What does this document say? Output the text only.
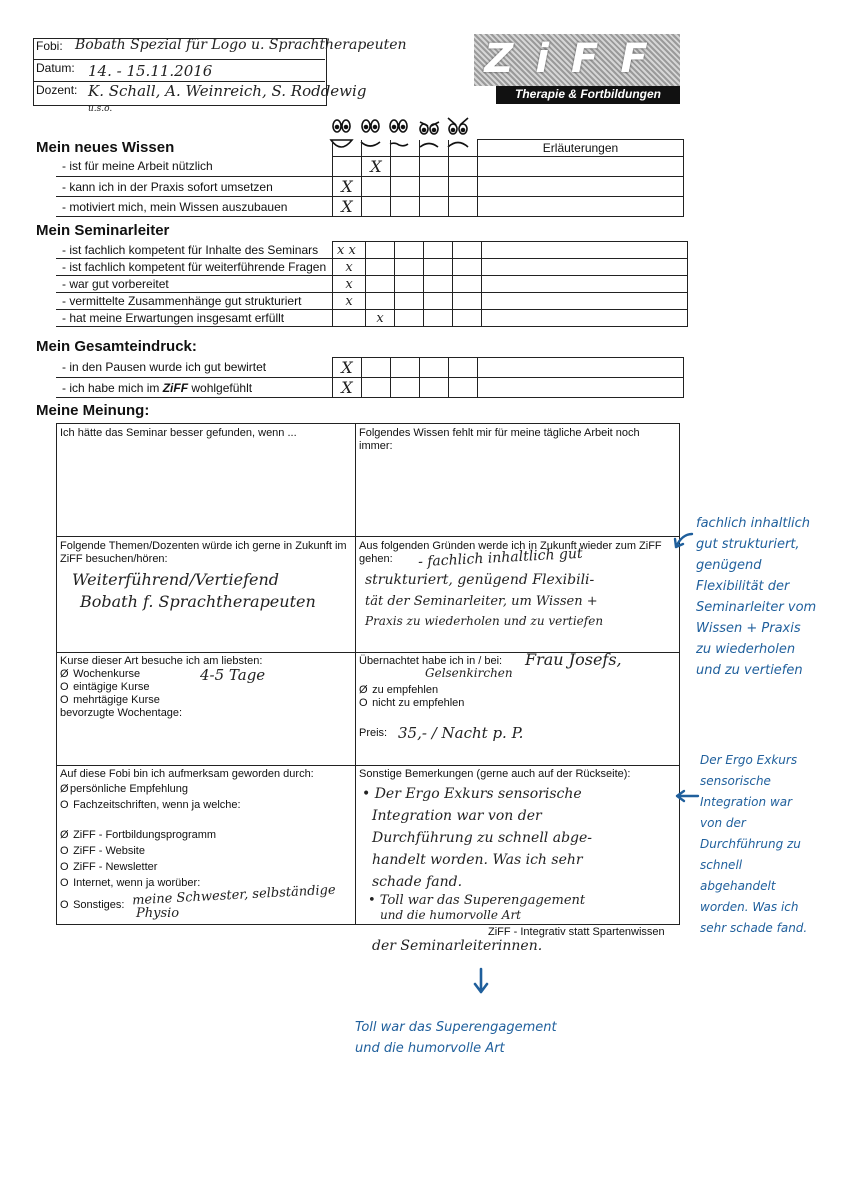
Fobi: Bobath Spezial für Logo u. Sprachtherapeuten
Datum: 14. - 15.11.2016
Dozent: K. Schall, A. Weinreich, S. Roddewig
u.s.o.
ZiFF
Therapie & Fortbildungen
Mein neues Wissen
							Erläuterungen
- ist für meine Arbeit nützlich		X				
- kann ich in der Praxis sofort umsetzen	X					
- motiviert mich, mein Wissen auszubauen	X					
Mein Seminarleiter
- ist fachlich kompetent für Inhalte des Seminars	x x					
- ist fachlich kompetent für weiterführende Fragen	x					
- war gut vorbereitet	x					
- vermittelte Zusammenhänge gut strukturiert	x					
- hat meine Erwartungen insgesamt erfüllt		x				
Mein Gesamteindruck:
- in den Pausen wurde ich gut bewirtet	X					
- ich habe mich im ZiFF wohlgefühlt	X					
Meine Meinung:
Ich hätte das Seminar besser gefunden, wenn ...	Folgendes Wissen fehlt mir für meine tägliche Arbeit noch immer:
Folgende Themen/Dozenten würde ich gerne in Zukunft im ZiFF besuchen/hören:
Weiterführend/Vertiefend
Bobath f. Sprachtherapeuten
Aus folgenden Gründen werde ich in Zukunft wieder zum ZiFF gehen:	- fachlich inhaltlich gut
strukturiert, genügend Flexibili-
tät der Seminarleiter, um Wissen +
Praxis zu wiederholen und zu vertiefen
Kurse dieser Art besuche ich am liebsten:
Ø Wochenkurse
O eintägige Kurse
O mehrtägige Kurse
bevorzugte Wochentage:
4-5 Tage
Übernachtet habe ich in / bei: Frau Josefs,
Gelsenkirchen
Ø zu empfehlen
O nicht zu empfehlen
Preis: 35,- / Nacht p. P.
Auf diese Fobi bin ich aufmerksam geworden durch:
Øpersönliche Empfehlung
O Fachzeitschriften, wenn ja welche:
Ø ZiFF - Fortbildungsprogramm
O ZiFF - Website
O ZiFF - Newsletter
O Internet, wenn ja worüber:
O Sonstiges: meine Schwester, selbständige
Physio
Sonstige Bemerkungen (gerne auch auf der Rückseite):
• Der Ergo Exkurs sensorische
Integration war von der
Durchführung zu schnell abge-
handelt worden. Was ich sehr
schade fand.
• Toll war das Superengagement
und die humorvolle Art
ZiFF - Integrativ statt Spartenwissen
der Seminarleiterinnen.
fachlich inhaltlich
gut strukturiert,
genügend
Flexibilität der
Seminarleiter vom
Wissen + Praxis
zu wiederholen
und zu vertiefen
Der Ergo Exkurs
sensorische
Integration war
von der
Durchführung zu
schnell
abgehandelt
worden. Was ich
sehr schade fand.
Toll war das Superengagement
und die humorvolle Art
